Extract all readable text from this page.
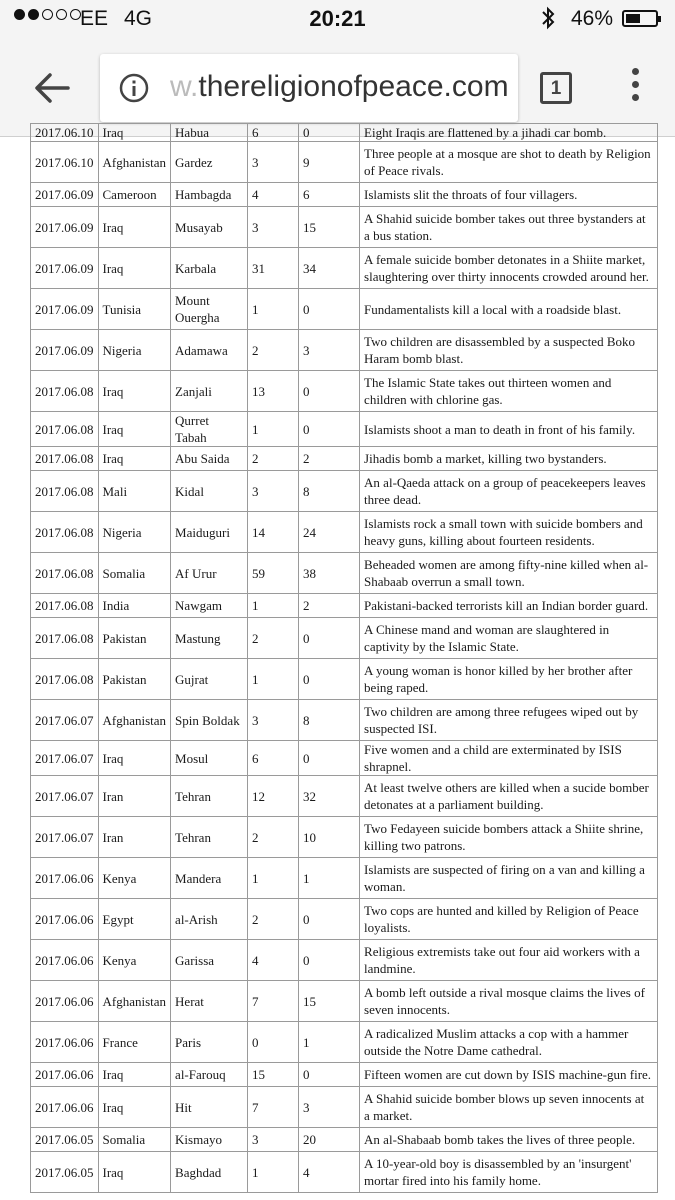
EE 4G	20:21	46%
w.thereligionofpeace.com	1
2017.06.10	Iraq	Habua	6	0	Eight Iraqis are flattened by a jihadi car bomb.
2017.06.10	Afghanistan	Gardez	3	9	Three people at a mosque are shot to death by Religion of Peace rivals.
2017.06.09	Cameroon	Hambagda	4	6	Islamists slit the throats of four villagers.
2017.06.09	Iraq	Musayab	3	15	A Shahid suicide bomber takes out three bystanders at a bus station.
2017.06.09	Iraq	Karbala	31	34	A female suicide bomber detonates in a Shiite market, slaughtering over thirty innocents crowded around her.
2017.06.09	Tunisia	Mount Ouergha	1	0	Fundamentalists kill a local with a roadside blast.
2017.06.09	Nigeria	Adamawa	2	3	Two children are disassembled by a suspected Boko Haram bomb blast.
2017.06.08	Iraq	Zanjali	13	0	The Islamic State takes out thirteen women and children with chlorine gas.
2017.06.08	Iraq	Qurret Tabah	1	0	Islamists shoot a man to death in front of his family.
2017.06.08	Iraq	Abu Saida	2	2	Jihadis bomb a market, killing two bystanders.
2017.06.08	Mali	Kidal	3	8	An al-Qaeda attack on a group of peacekeepers leaves three dead.
2017.06.08	Nigeria	Maiduguri	14	24	Islamists rock a small town with suicide bombers and heavy guns, killing about fourteen residents.
2017.06.08	Somalia	Af Urur	59	38	Beheaded women are among fifty-nine killed when al-Shabaab overrun a small town.
2017.06.08	India	Nawgam	1	2	Pakistani-backed terrorists kill an Indian border guard.
2017.06.08	Pakistan	Mastung	2	0	A Chinese mand and woman are slaughtered in captivity by the Islamic State.
2017.06.08	Pakistan	Gujrat	1	0	A young woman is honor killed by her brother after being raped.
2017.06.07	Afghanistan	Spin Boldak	3	8	Two children are among three refugees wiped out by suspected ISI.
2017.06.07	Iraq	Mosul	6	0	Five women and a child are exterminated by ISIS shrapnel.
2017.06.07	Iran	Tehran	12	32	At least twelve others are killed when a sucide bomber detonates at a parliament building.
2017.06.07	Iran	Tehran	2	10	Two Fedayeen suicide bombers attack a Shiite shrine, killing two patrons.
2017.06.06	Kenya	Mandera	1	1	Islamists are suspected of firing on a van and killing a woman.
2017.06.06	Egypt	al-Arish	2	0	Two cops are hunted and killed by Religion of Peace loyalists.
2017.06.06	Kenya	Garissa	4	0	Religious extremists take out four aid workers with a landmine.
2017.06.06	Afghanistan	Herat	7	15	A bomb left outside a rival mosque claims the lives of seven innocents.
2017.06.06	France	Paris	0	1	A radicalized Muslim attacks a cop with a hammer outside the Notre Dame cathedral.
2017.06.06	Iraq	al-Farouq	15	0	Fifteen women are cut down by ISIS machine-gun fire.
2017.06.06	Iraq	Hit	7	3	A Shahid suicide bomber blows up seven innocents at a market.
2017.06.05	Somalia	Kismayo	3	20	An al-Shabaab bomb takes the lives of three people.
2017.06.05	Iraq	Baghdad	1	4	A 10-year-old boy is disassembled by an 'insurgent' mortar fired into his family home.
